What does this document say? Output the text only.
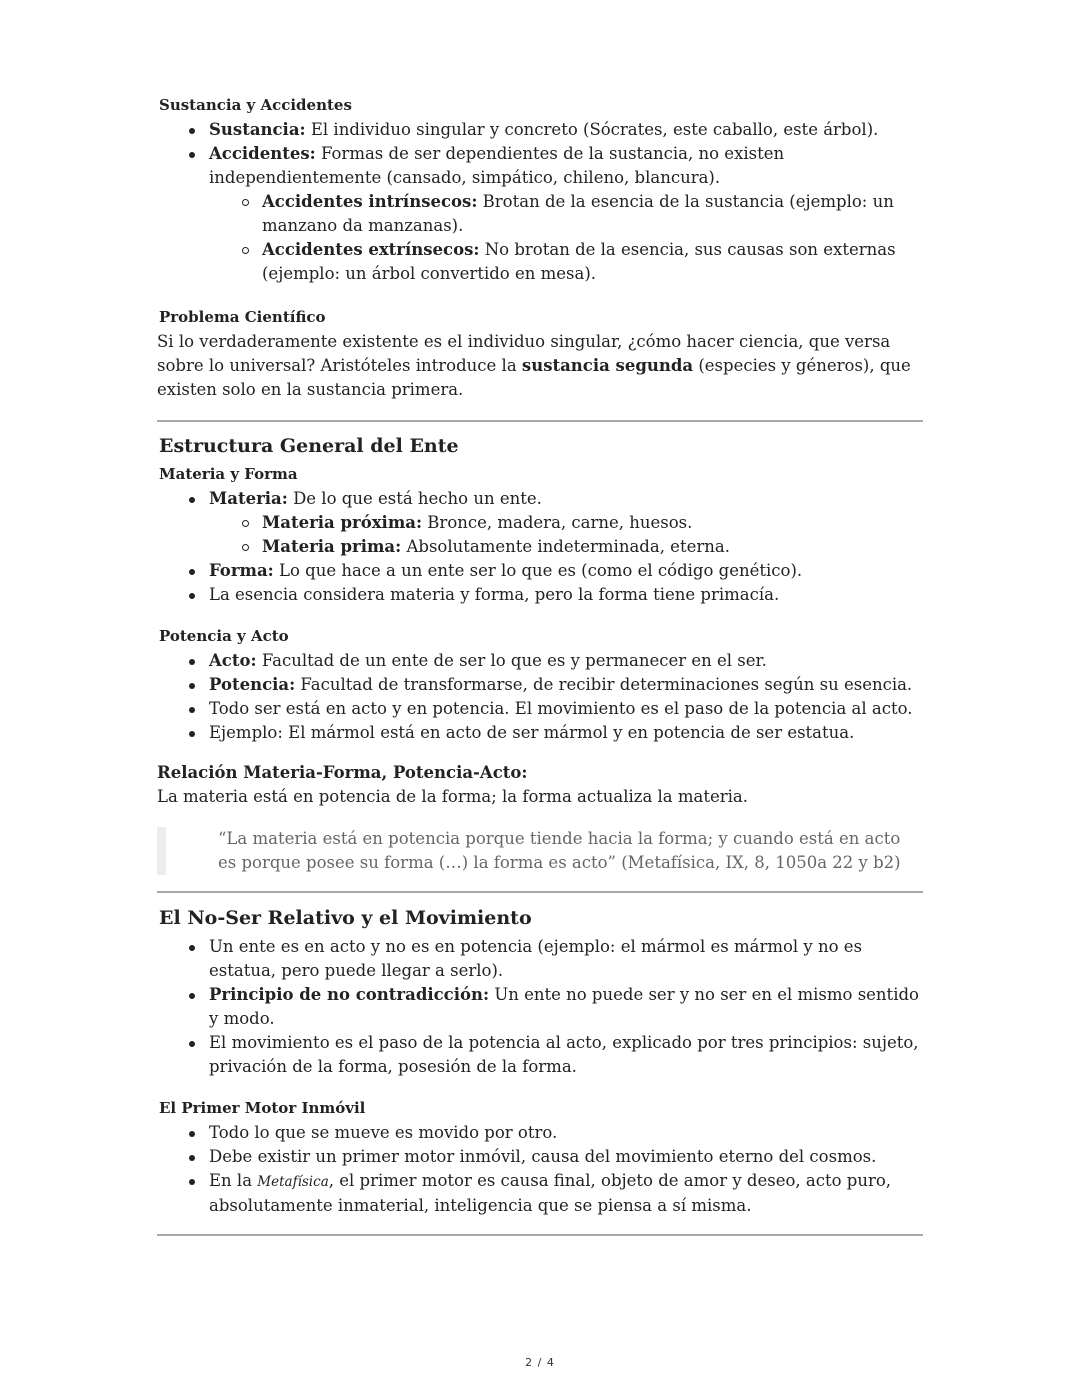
Sustancia y Accidentes
Sustancia: El individuo singular y concreto (Sócrates, este caballo, este árbol).
Accidentes: Formas de ser dependientes de la sustancia, no existen independientemente (cansado, simpático, chileno, blancura).
Accidentes intrínsecos: Brotan de la esencia de la sustancia (ejemplo: un manzano da manzanas).
Accidentes extrínsecos: No brotan de la esencia, sus causas son externas (ejemplo: un árbol convertido en mesa).
Problema Científico

Si lo verdaderamente existente es el individuo singular, ¿cómo hacer ciencia, que versa sobre lo universal? Aristóteles introduce la sustancia segunda (especies y géneros), que existen solo en la sustancia primera.

Estructura General del Ente
Materia y Forma
Materia: De lo que está hecho un ente.
Materia próxima: Bronce, madera, carne, huesos.
Materia prima: Absolutamente indeterminada, eterna.
Forma: Lo que hace a un ente ser lo que es (como el código genético).
La esencia considera materia y forma, pero la forma tiene primacía.
Potencia y Acto
Acto: Facultad de un ente de ser lo que es y permanecer en el ser.
Potencia: Facultad de transformarse, de recibir determinaciones según su esencia.
Todo ser está en acto y en potencia. El movimiento es el paso de la potencia al acto.
Ejemplo: El mármol está en acto de ser mármol y en potencia de ser estatua.

Relación Materia-Forma, Potencia-Acto:

La materia está en potencia de la forma; la forma actualiza la materia.

“La materia está en potencia porque tiende hacia la forma; y cuando está en acto es porque posee su forma (…) la forma es acto” (Metafísica, IX, 8, 1050a 22 y b2)
El No-Ser Relativo y el Movimiento
Un ente es en acto y no es en potencia (ejemplo: el mármol es mármol y no es estatua, pero puede llegar a serlo).
Principio de no contradicción: Un ente no puede ser y no ser en el mismo sentido y modo.
El movimiento es el paso de la potencia al acto, explicado por tres principios: sujeto, privación de la forma, posesión de la forma.
El Primer Motor Inmóvil
Todo lo que se mueve es movido por otro.
Debe existir un primer motor inmóvil, causa del movimiento eterno del cosmos.
En la Metafísica, el primer motor es causa final, objeto de amor y deseo, acto puro, absolutamente inmaterial, inteligencia que se piensa a sí misma.
2 / 4
